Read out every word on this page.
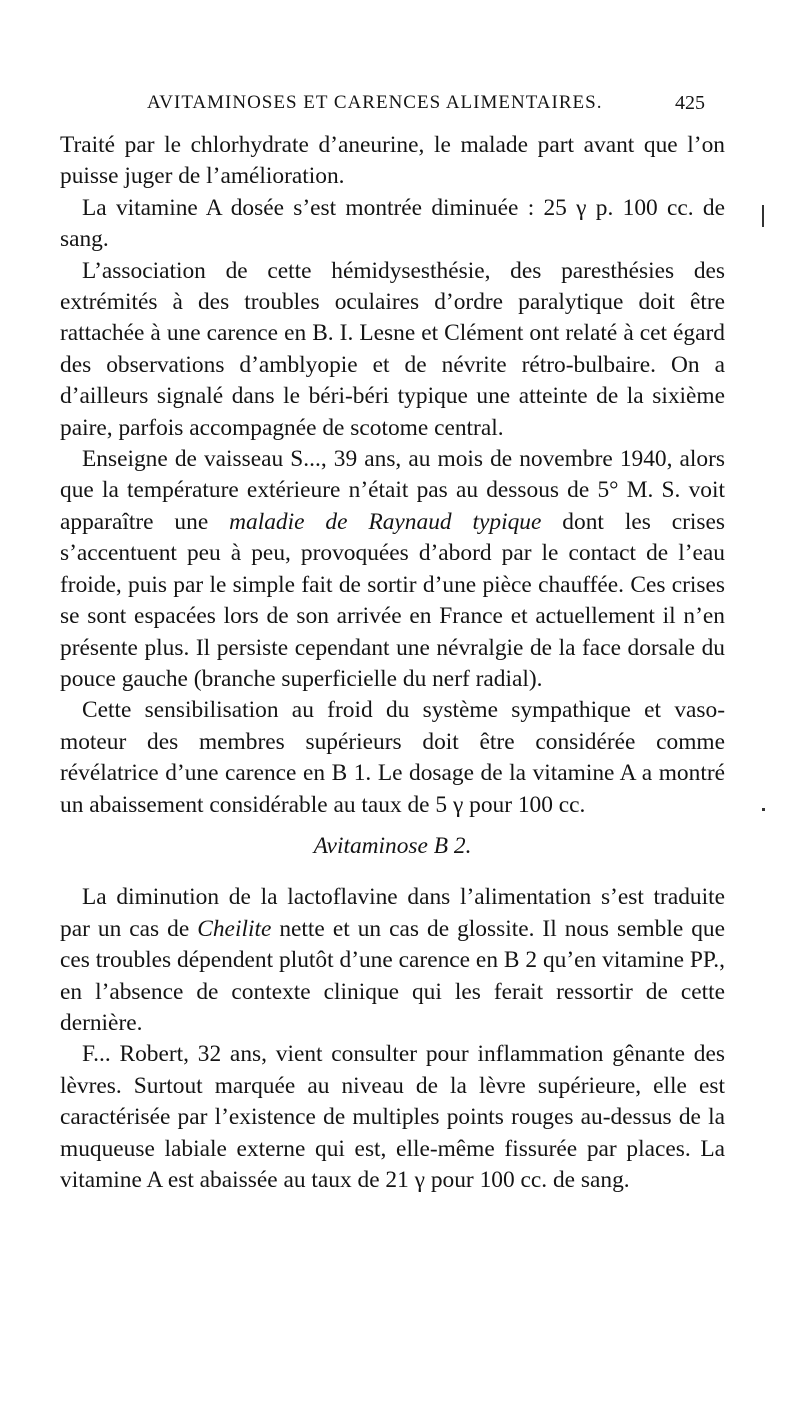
AVITAMINOSES ET CARENCES ALIMENTAIRES.	425

Traité par le chlorhydrate d’aneurine, le malade part avant que l’on puisse juger de l’amélioration.

La vitamine A dosée s’est montrée diminuée : 25 γ p. 100 cc. de sang.

L’association de cette hémidysesthésie, des paresthésies des extrémités à des troubles oculaires d’ordre paralytique doit être rattachée à une carence en B. I. Lesne et Clément ont relaté à cet égard des observations d’amblyopie et de névrite rétro-bulbaire. On a d’ailleurs signalé dans le béri-béri typique une atteinte de la sixième paire, parfois accompagnée de scotome central.

Enseigne de vaisseau S..., 39 ans, au mois de novembre 1940, alors que la température extérieure n’était pas au dessous de 5° M. S. voit apparaître une maladie de Raynaud typique dont les crises s’accentuent peu à peu, provoquées d’abord par le contact de l’eau froide, puis par le simple fait de sortir d’une pièce chauffée. Ces crises se sont espacées lors de son arrivée en France et actuellement il n’en présente plus. Il persiste cependant une névralgie de la face dorsale du pouce gauche (branche superficielle du nerf radial).

Cette sensibilisation au froid du système sympathique et vaso-moteur des membres supérieurs doit être considérée comme révélatrice d’une carence en B 1. Le dosage de la vitamine A a montré un abaissement considérable au taux de 5 γ pour 100 cc.

Avitaminose B 2.

La diminution de la lactoflavine dans l’alimentation s’est traduite par un cas de Cheilite nette et un cas de glossite. Il nous semble que ces troubles dépendent plutôt d’une carence en B 2 qu’en vitamine PP., en l’absence de contexte clinique qui les ferait ressortir de cette dernière.

F... Robert, 32 ans, vient consulter pour inflammation gênante des lèvres. Surtout marquée au niveau de la lèvre supérieure, elle est caractérisée par l’existence de multiples points rouges au-dessus de la muqueuse labiale externe qui est, elle-même fissurée par places. La vitamine A est abaissée au taux de 21 γ pour 100 cc. de sang.
